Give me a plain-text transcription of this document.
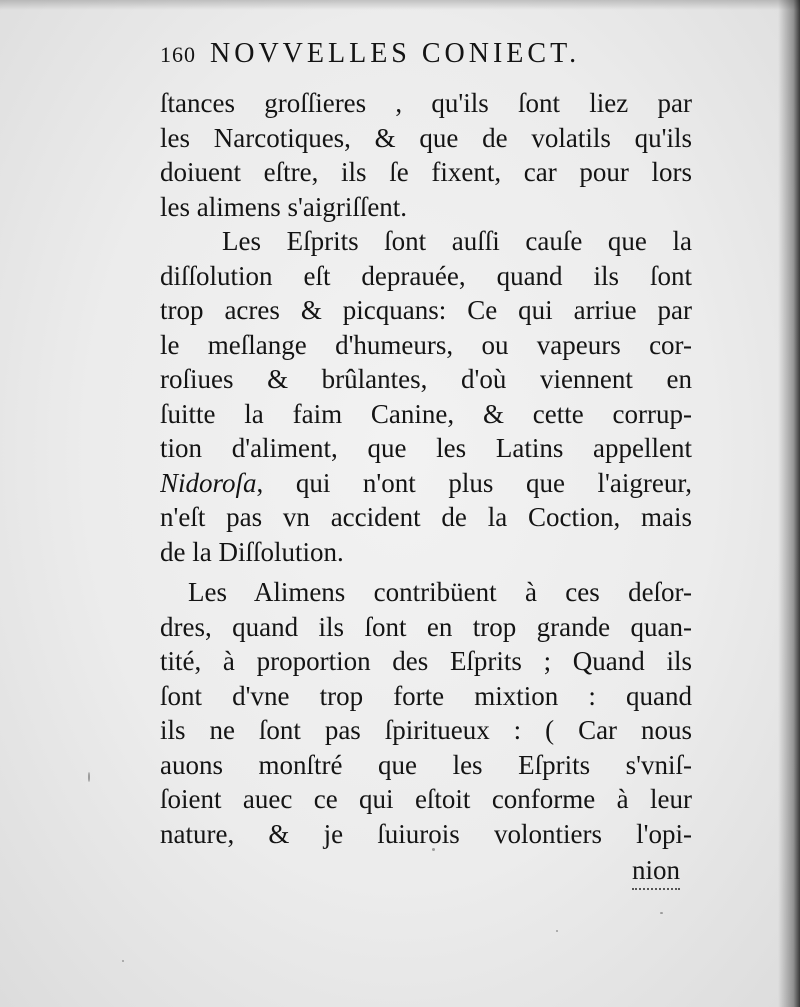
160 NOVVELLES CONIECT.
ſtances groſſieres , qu'ils ſont liez par
les Narcotiques, & que de volatils qu'ils
doiuent eſtre, ils ſe fixent, car pour lors
les alimens s'aigriſſent.
Les Eſprits ſont auſſi cauſe que la
diſſolution eſt deprauée, quand ils ſont
trop acres & picquans: Ce qui arriue par
le meſlange d'humeurs, ou vapeurs cor-
roſiues & brûlantes, d'où viennent en
ſuitte la faim Canine, & cette corrup-
tion d'aliment, que les Latins appellent
Nidoroſa, qui n'ont plus que l'aigreur,
n'eſt pas vn accident de la Coction, mais
de la Diſſolution.
Les Alimens contribüent à ces deſor-
dres, quand ils ſont en trop grande quan-
tité, à proportion des Eſprits ; Quand ils
ſont d'vne trop forte mixtion : quand
ils ne ſont pas ſpiritueux : ( Car nous
auons monſtré que les Eſprits s'vniſ-
ſoient auec ce qui eſtoit conforme à leur
nature, & je ſuiurois volontiers l'opi-
nion
